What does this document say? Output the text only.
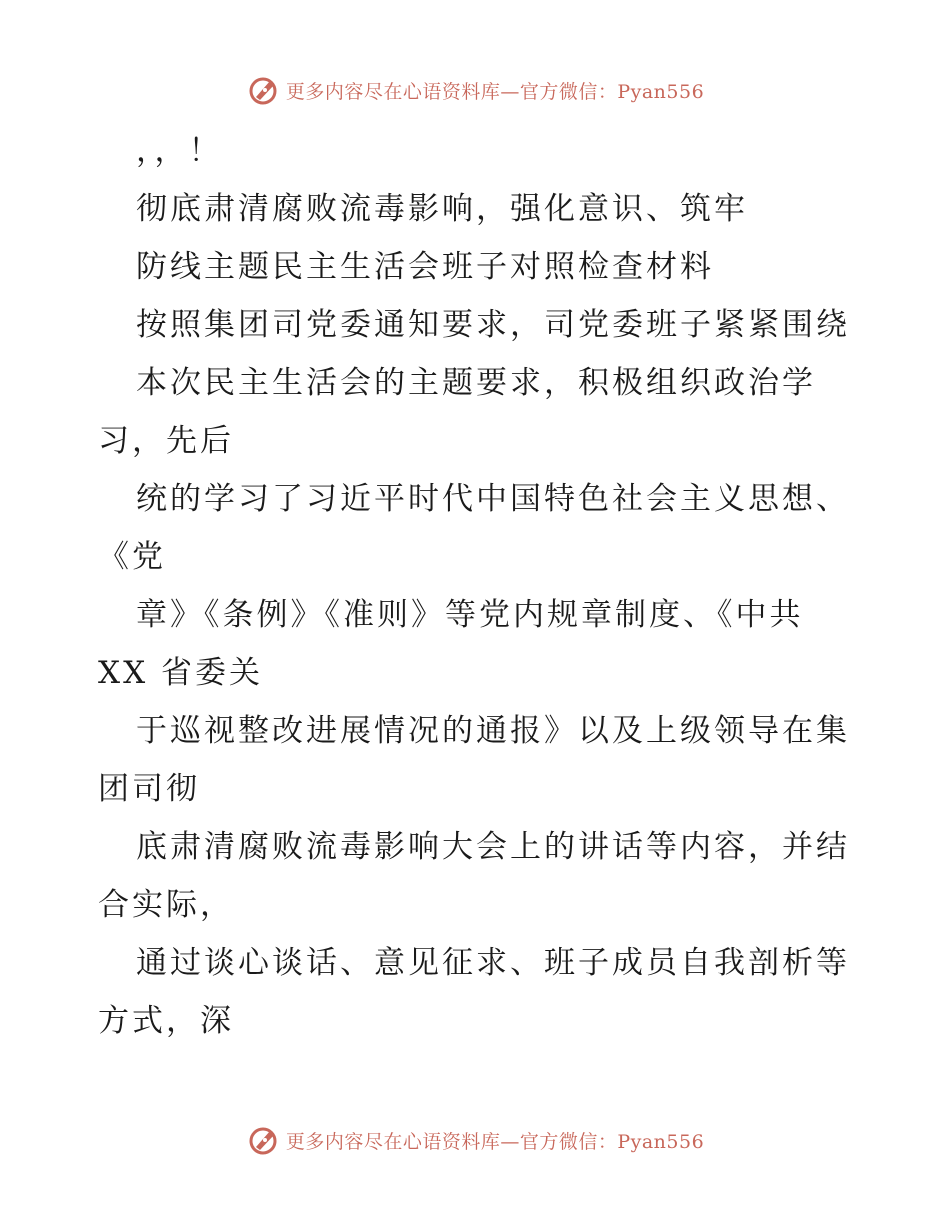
更多内容尽在心语资料库—官方微信：Pyan556
，，！
彻底肃清腐败流毒影响，强化意识、筑牢
防线主题民主生活会班子对照检查材料
按照集团司党委通知要求，司党委班子紧紧围绕
本次民主生活会的主题要求，积极组织政治学
习，先后
统的学习了习近平时代中国特色社会主义思想、
《党
章》《条例》《准则》等党内规章制度、《中共
XX 省委关
于巡视整改进展情况的通报》以及上级领导在集
团司彻
底肃清腐败流毒影响大会上的讲话等内容，并结
合实际，
通过谈心谈话、意见征求、班子成员自我剖析等
方式，深
更多内容尽在心语资料库—官方微信：Pyan556
